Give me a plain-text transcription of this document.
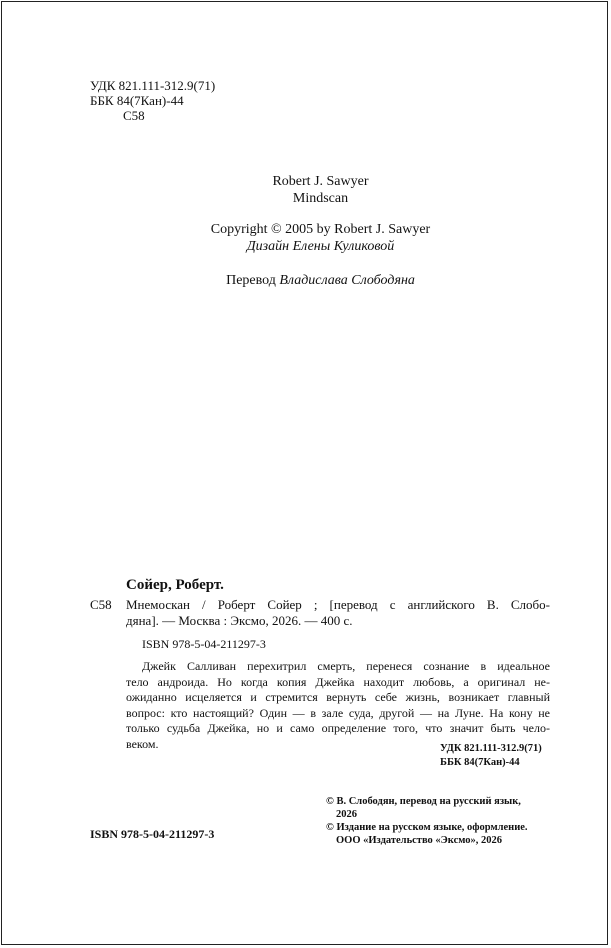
УДК 821.111-312.9(71)
ББК 84(7Кан)-44
С58
Robert J. Sawyer
Mindscan
Copyright © 2005 by Robert J. Sawyer
Дизайн Елены Куликовой
Перевод Владислава Слободяна
Сойер, Роберт.
С58 Мнемоскан / Роберт Сойер ; [перевод с английского В. Слобо-
дяна]. — Москва : Эксмо, 2026. — 400 с.
ISBN 978-5-04-211297-3
Джейк Салливан перехитрил смерть, перенеся сознание в идеальное
тело андроида. Но когда копия Джейка находит любовь, а оригинал не-
ожиданно исцеляется и стремится вернуть себе жизнь, возникает главный
вопрос: кто настоящий? Один — в зале суда, другой — на Луне. На кону не
только судьба Джейка, но и само определение того, что значит быть чело-
веком.	УДК 821.111-312.9(71)
ББК 84(7Кан)-44
© В. Слободян, перевод на русский язык,
2026
© Издание на русском языке, оформление.
ООО «Издательство «Эксмо», 2026
ISBN 978-5-04-211297-3
